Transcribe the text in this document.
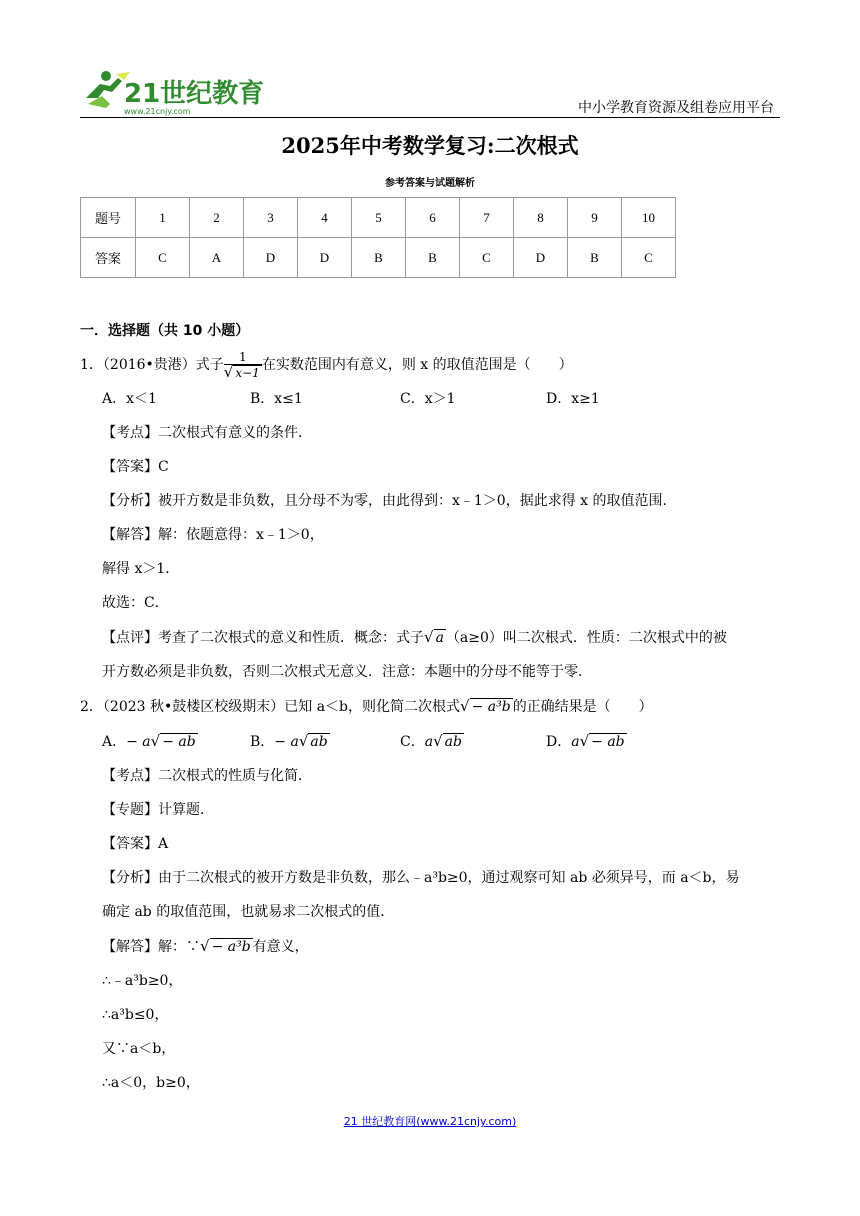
21世纪教育
www.21cnjy.com	中小学教育资源及组卷应用平台
2025年中考数学复习:二次根式
参考答案与试题解析
题号	1	2	3	4	5	6	7	8	9	10
答案	C	A	D	D	B	B	C	D	B	C
一．选择题（共 10 小题）
1．（2016•贵港）式子 $\frac{1}{√ x-1}$ 在实数范围内有意义，则 x 的取值范围是（　　）
A．x＜1	B．x≤1	C．x＞1	D．x≥1
【考点】二次根式有意义的条件．
【答案】C
【分析】被开方数是非负数，且分母不为零，由此得到：x﹣1＞0，据此求得 x 的取值范围．
【解答】解：依题意得：x﹣1＞0，
解得 x＞1．
故选：C．
【点评】考查了二次根式的意义和性质．概念：式子√ a （a≥0）叫二次根式．性质：二次根式中的被
开方数必须是非负数，否则二次根式无意义．注意：本题中的分母不能等于零．
2．（2023 秋•鼓楼区校级期末）已知 a＜b，则化简二次根式√ − a³b 的正确结果是（　　）
A．− a√ − ab	B．− a√ ab	C．a√ ab	D．a√ − ab
【考点】二次根式的性质与化简．
【专题】计算题．
【答案】A
【分析】由于二次根式的被开方数是非负数，那么﹣a³b≥0，通过观察可知 ab 必须异号，而 a＜b，易
确定 ab 的取值范围，也就易求二次根式的值．
【解答】解：∵√ − a³b 有意义，
∴﹣a³b≥0，
∴a³b≤0，
又∵a＜b，
∴a＜0，b≥0，
21 世纪教育网(www.21cnjy.com)
